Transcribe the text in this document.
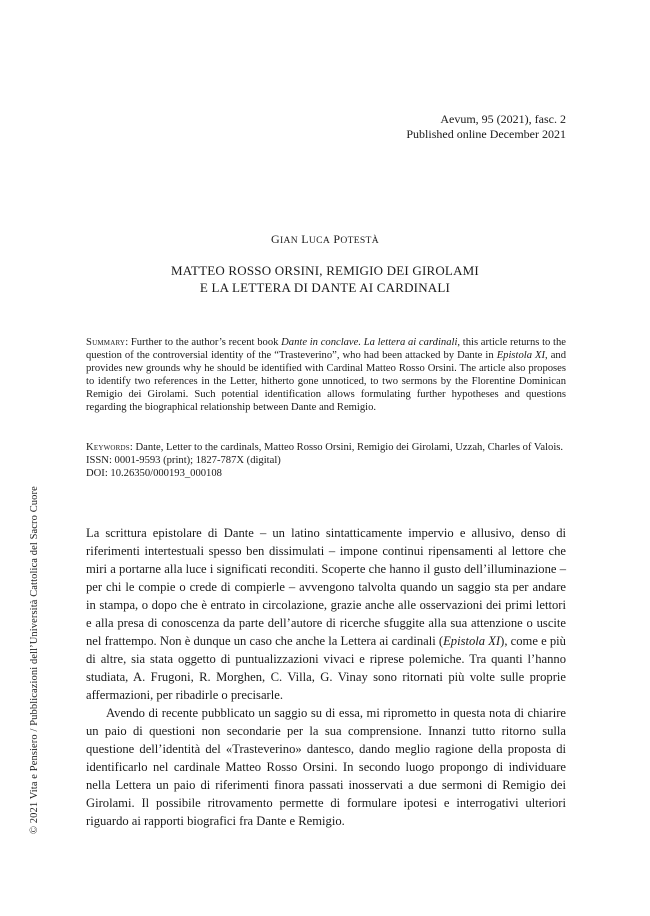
© 2021 Vita e Pensiero / Pubblicazioni dell’Università Cattolica del Sacro Cuore
Aevum, 95 (2021), fasc. 2
Published online December 2021
GIAN LUCA POTESTÀ
MATTEO ROSSO ORSINI, REMIGIO DEI GIROLAMI
E LA LETTERA DI DANTE AI CARDINALI
Summary: Further to the author’s recent book Dante in conclave. La lettera ai cardinali, this article returns to the question of the controversial identity of the “Trasteverino”, who had been attacked by Dante in Epistola XI, and provides new grounds why he should be identified with Cardinal Matteo Rosso Orsini. The article also proposes to identify two references in the Letter, hitherto gone unnoticed, to two sermons by the Florentine Dominican Remigio dei Girolami. Such potential identification allows formulating further hypotheses and questions regarding the biographical relationship between Dante and Remigio.
Keywords: Dante, Letter to the cardinals, Matteo Rosso Orsini, Remigio dei Girolami, Uzzah, Charles of Valois.
ISSN: 0001-9593 (print); 1827-787X (digital)
DOI: 10.26350/000193_000108

La scrittura epistolare di Dante – un latino sintatticamente impervio e allusivo, denso di riferimenti intertestuali spesso ben dissimulati – impone continui ripensamenti al lettore che miri a portarne alla luce i significati reconditi. Scoperte che hanno il gusto dell’illuminazione – per chi le compie o crede di compierle – avvengono talvolta quando un saggio sta per andare in stampa, o dopo che è entrato in circolazione, grazie anche alle osservazioni dei primi lettori e alla presa di conoscenza da parte dell’autore di ricerche sfuggite alla sua attenzione o uscite nel frattempo. Non è dunque un caso che anche la Lettera ai cardinali (Epistola XI), come e più di altre, sia stata oggetto di puntualizzazioni vivaci e riprese polemiche. Tra quanti l’hanno studiata, A. Frugoni, R. Morghen, C. Villa, G. Vinay sono ritornati più volte sulle proprie affermazioni, per ribadirle o precisarle.

Avendo di recente pubblicato un saggio su di essa, mi riprometto in questa nota di chiarire un paio di questioni non secondarie per la sua comprensione. Innanzi tutto ritorno sulla questione dell’identità del «Trasteverino» dantesco, dando meglio ragione della proposta di identificarlo nel cardinale Matteo Rosso Orsini. In secondo luogo propongo di individuare nella Lettera un paio di riferimenti finora passati inosservati a due sermoni di Remigio dei Girolami. Il possibile ritrovamento permette di formulare ipotesi e interrogativi ulteriori riguardo ai rapporti biografici fra Dante e Remigio.
